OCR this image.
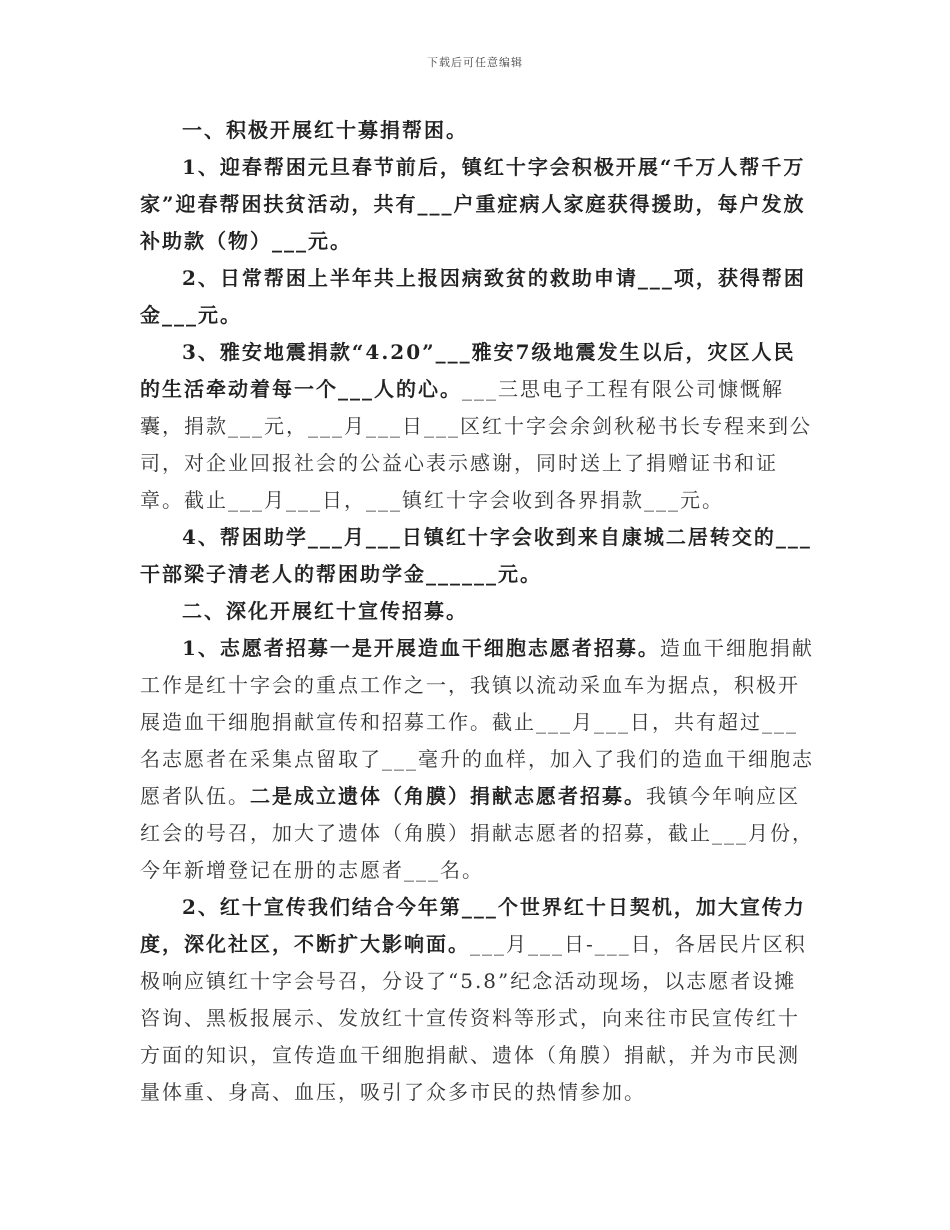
下载后可任意编辑

一、积极开展红十募捐帮困。

1、迎春帮困元旦春节前后，镇红十字会积极开展“千万人帮千万家”迎春帮困扶贫活动，共有___户重症病人家庭获得援助，每户发放补助款（物）___元。

2、日常帮困上半年共上报因病致贫的救助申请___项，获得帮困金___元。

3、雅安地震捐款“4.20”___雅安7级地震发生以后，灾区人民的生活牵动着每一个___人的心。___三思电子工程有限公司慷慨解囊，捐款___元，___月___日___区红十字会余剑秋秘书长专程来到公司，对企业回报社会的公益心表示感谢，同时送上了捐赠证书和证章。截止___月___日，___镇红十字会收到各界捐款___元。

4、帮困助学___月___日镇红十字会收到来自康城二居转交的___干部梁子清老人的帮困助学金______元。

二、深化开展红十宣传招募。

1、志愿者招募一是开展造血干细胞志愿者招募。造血干细胞捐献工作是红十字会的重点工作之一，我镇以流动采血车为据点，积极开展造血干细胞捐献宣传和招募工作。截止___月___日，共有超过___名志愿者在采集点留取了___毫升的血样，加入了我们的造血干细胞志愿者队伍。二是成立遗体（角膜）捐献志愿者招募。我镇今年响应区红会的号召，加大了遗体（角膜）捐献志愿者的招募，截止___月份，今年新增登记在册的志愿者___名。

2、红十宣传我们结合今年第___个世界红十日契机，加大宣传力度，深化社区，不断扩大影响面。___月___日-___日，各居民片区积极响应镇红十字会号召，分设了“5.8”纪念活动现场，以志愿者设摊咨询、黑板报展示、发放红十宣传资料等形式，向来往市民宣传红十方面的知识，宣传造血干细胞捐献、遗体（角膜）捐献，并为市民测量体重、身高、血压，吸引了众多市民的热情参加。
